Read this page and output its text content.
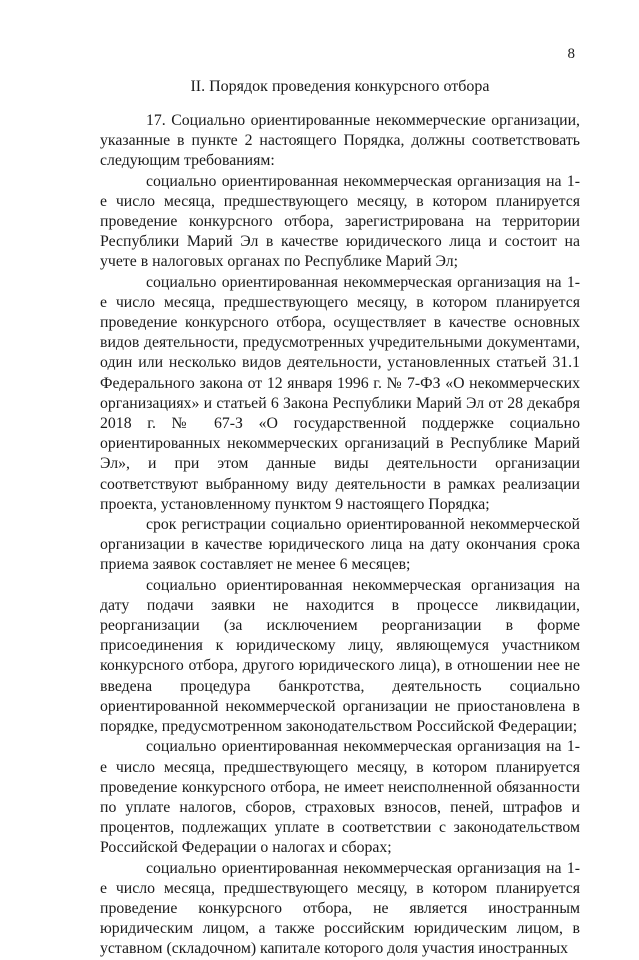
8
II. Порядок проведения конкурсного отбора

17. Социально ориентированные некоммерческие организации, указанные в пункте 2 настоящего Порядка, должны соответствовать следующим требованиям:

социально ориентированная некоммерческая организация на 1-е число месяца, предшествующего месяцу, в котором планируется проведение конкурсного отбора, зарегистрирована на территории Республики Марий Эл в качестве юридического лица и состоит на учете в налоговых органах по Республике Марий Эл;

социально ориентированная некоммерческая организация на 1-е число месяца, предшествующего месяцу, в котором планируется проведение конкурсного отбора, осуществляет в качестве основных видов деятельности, предусмотренных учредительными документами, один или несколько видов деятельности, установленных статьей 31.1 Федерального закона от 12 января 1996 г. № 7-ФЗ «О некоммерческих организациях» и статьей 6 Закона Республики Марий Эл от 28 декабря 2018 г. № 67-З «О государственной поддержке социально ориентированных некоммерческих организаций в Республике Марий Эл», и при этом данные виды деятельности организации соответствуют выбранному виду деятельности в рамках реализации проекта, установленному пунктом 9 настоящего Порядка;

срок регистрации социально ориентированной некоммерческой организации в качестве юридического лица на дату окончания срока приема заявок составляет не менее 6 месяцев;

социально ориентированная некоммерческая организация на дату подачи заявки не находится в процессе ликвидации, реорганизации (за исключением реорганизации в форме присоединения к юридическому лицу, являющемуся участником конкурсного отбора, другого юридического лица), в отношении нее не введена процедура банкротства, деятельность социально ориентированной некоммерческой организации не приостановлена в порядке, предусмотренном законодательством Российской Федерации;

социально ориентированная некоммерческая организация на 1-е число месяца, предшествующего месяцу, в котором планируется проведение конкурсного отбора, не имеет неисполненной обязанности по уплате налогов, сборов, страховых взносов, пеней, штрафов и процентов, подлежащих уплате в соответствии с законодательством Российской Федерации о налогах и сборах;

социально ориентированная некоммерческая организация на 1-е число месяца, предшествующего месяцу, в котором планируется проведение конкурсного отбора, не является иностранным юридическим лицом, а также российским юридическим лицом, в уставном (складочном) капитале которого доля участия иностранных
